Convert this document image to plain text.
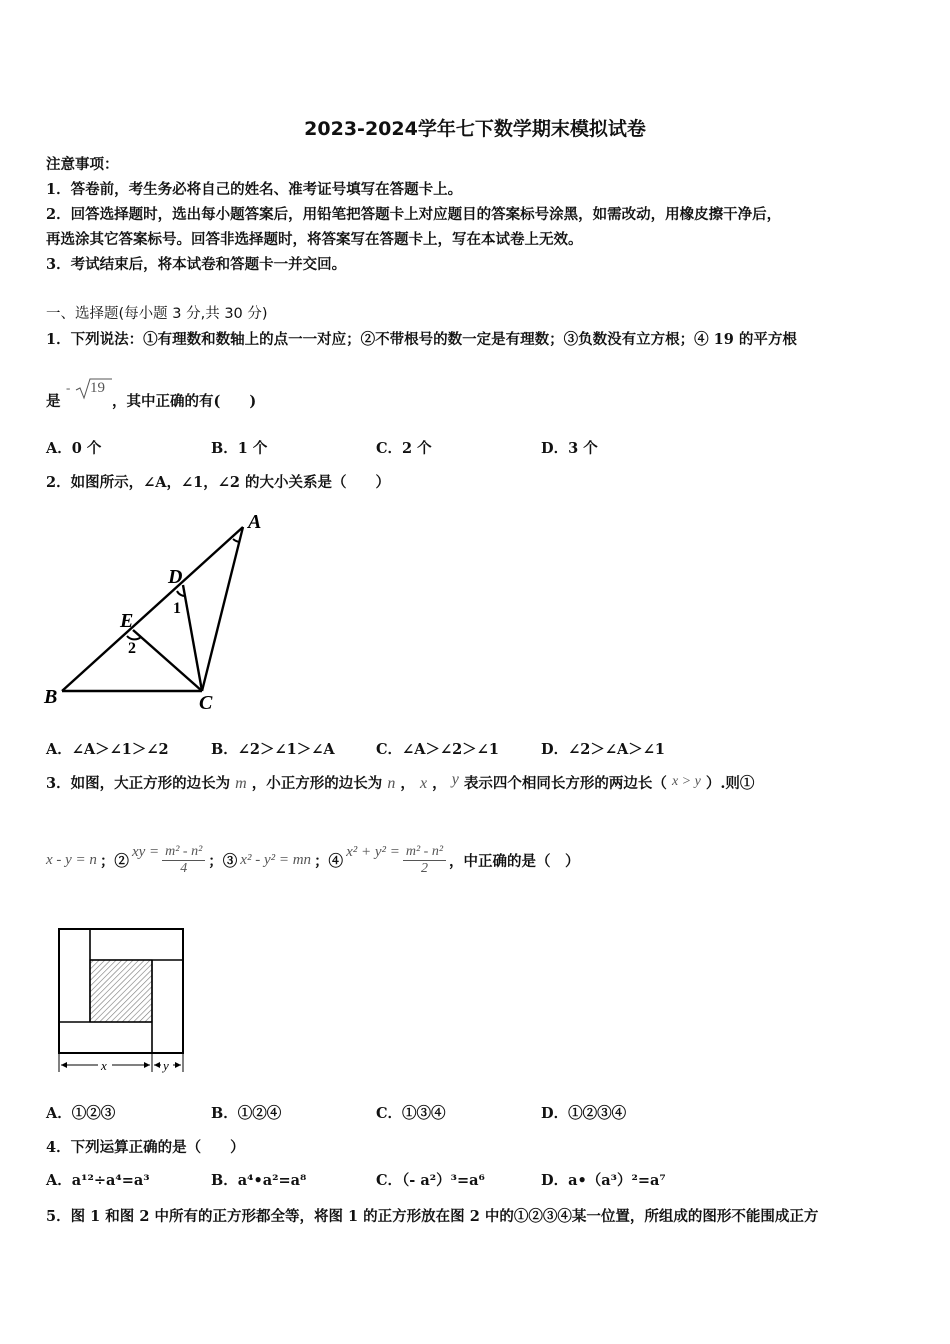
2023-2024学年七下数学期末模拟试卷
注意事项：
1．答卷前，考生务必将自己的姓名、准考证号填写在答题卡上。
2．回答选择题时，选出每小题答案后，用铅笔把答题卡上对应题目的答案标号涂黑，如需改动，用橡皮擦干净后，
再选涂其它答案标号。回答非选择题时，将答案写在答题卡上，写在本试卷上无效。
3．考试结束后，将本试卷和答题卡一并交回。
一、选择题(每小题 3 分,共 30 分)
1．下列说法：①有理数和数轴上的点一一对应；②不带根号的数一定是有理数；③负数没有立方根；④ 19 的平方根
是
- 19
，其中正确的有(　　)
A．0 个	B．1 个	C．2 个	D．3 个
2．如图所示，∠A，∠1，∠2 的大小关系是（　　）
A
B	C
D
E
1
2
A．∠A＞∠1＞∠2	B．∠2＞∠1＞∠A	C．∠A＞∠2＞∠1	D．∠2＞∠A＞∠1
3．如图，大正方形的边长为 m ，小正方形的边长为 n ， x ， y 表示四个相同长方形的两边长（ x > y ）.则①
x - y = n ；②
xy = $\frac{\text{m² - n²}}{4}$ ；③ x² - y² = mn ；④
$x^2 + y^2 = \frac{\text{m² - n²}}{2}$ ，中正确的是（　）
x	y
A．①②③	B．①②④	C．①③④	D．①②③④
4．下列运算正确的是（　　）
A．a¹²÷a⁴=a³	B．a⁴•a²=a⁸	C．（- a²）³=a⁶	D．a•（a³）²=a⁷
5．图 1 和图 2 中所有的正方形都全等，将图 1 的正方形放在图 2 中的①②③④某一位置，所组成的图形不能围成正方
